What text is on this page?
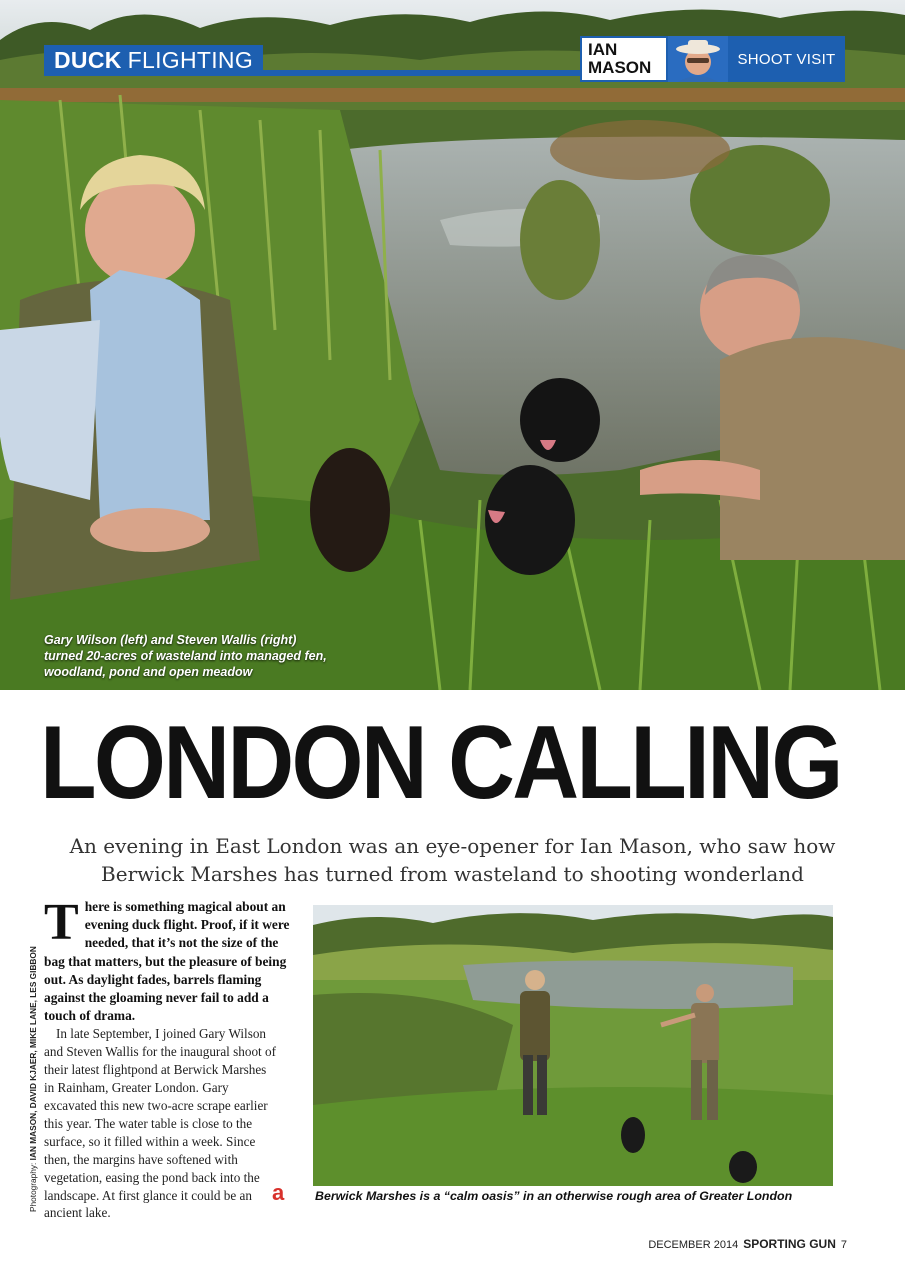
Gary Wilson (left) and Steven Wallis (right) turned 20-acres of wasteland into managed fen, woodland, pond and open meadow

DUCK FLIGHTING	IAN
MASON	SHOOT VISIT
LONDON CALLING

An evening in East London was an eye-opener for Ian Mason, who saw how Berwick Marshes has turned from wasteland to shooting wonderland

Photography: IAN MASON, DAVID KJAER, MIKE LANE, LES GIBBON

T here is something magical about an evening duck flight. Proof, if it were needed, that it’s not the size of the bag that matters, but the pleasure of being out. As daylight fades, barrels flaming against the gloaming never fail to add a touch of drama.

In late September, I joined Gary Wilson and Steven Wallis for the inaugural shoot of their latest flightpond at Berwick Marshes in Rainham, Greater London. Gary excavated this new two-acre scrape earlier this year. The water table is close to the surface, so it filled within a week. Since then, the margins have softened with vegetation, easing the pond back into the landscape. At first glance it could be an ancient lake.

a	Berwick Marshes is a “calm oasis” in an otherwise rough area of Greater London

DECEMBER 2014 SPORTING GUN 7
